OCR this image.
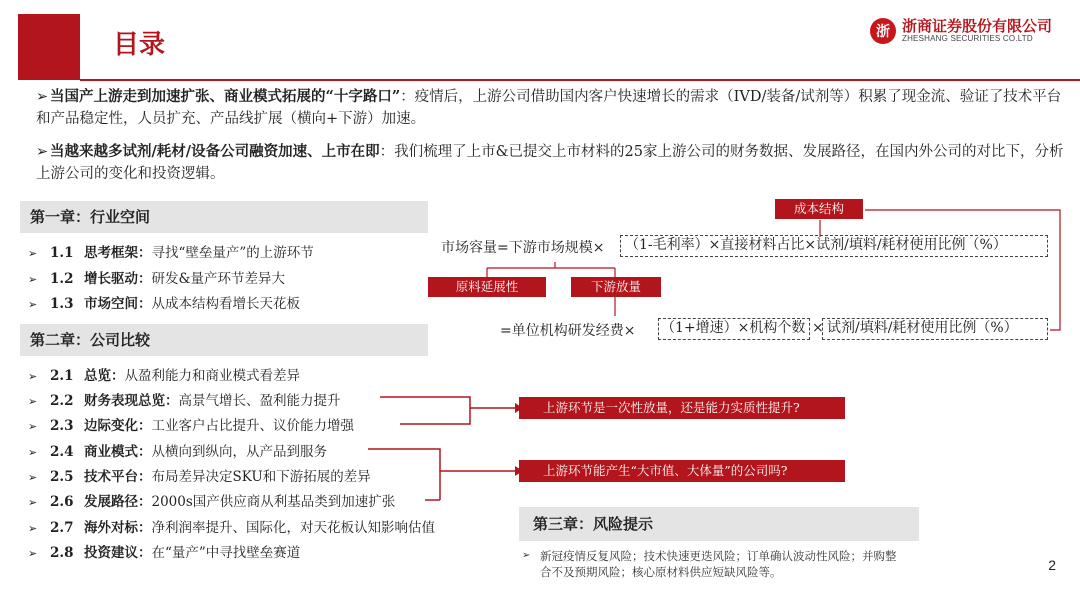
目录	浙 浙商证券股份有限公司
ZHESHANG SECURITIES CO.LTD
➢ 当国产上游走到加速扩张、商业模式拓展的“十字路口”：疫情后，上游公司借助国内客户快速增长的需求（IVD/装备/试剂等）积累了现金流、验证了技术平台和产品稳定性，人员扩充、产品线扩展（横向+下游）加速。
➢ 当越来越多试剂/耗材/设备公司融资加速、上市在即：我们梳理了上市&已提交上市材料的25家上游公司的财务数据、发展路径，在国内外公司的对比下，分析上游公司的变化和投资逻辑。
第一章：行业空间
➢ 1.1 思考框架：寻找“壁垒量产”的上游环节
➢ 1.2 增长驱动：研发&量产环节差异大
➢ 1.3 市场空间：从成本结构看增长天花板
第二章：公司比较
➢ 2.1 总览：从盈利能力和商业模式看差异
➢ 2.2 财务表现总览：高景气增长、盈利能力提升
➢ 2.3 边际变化：工业客户占比提升、议价能力增强
➢ 2.4 商业模式：从横向到纵向，从产品到服务
➢ 2.5 技术平台：布局差异决定SKU和下游拓展的差异
➢ 2.6 发展路径：2000s国产供应商从利基品类到加速扩张
➢ 2.7 海外对标：净利润率提升、国际化，对天花板认知影响估值
➢ 2.8 投资建议：在“量产”中寻找壁垒赛道
成本结构
市场容量=下游市场规模×	（1-毛利率）×直接材料占比×试剂/填料/耗材使用比例（%）
原料延展性	下游放量
=单位机构研发经费× （1+增速）×机构个数 × 试剂/填料/耗材使用比例（%）
上游环节是一次性放量，还是能力实质性提升?
上游环节能产生“大市值、大体量”的公司吗?
第三章：风险提示
➢ 新冠疫情反复风险；技术快速更迭风险；订单确认波动性风险；并购整合不及预期风险；核心原材料供应短缺风险等。	2
